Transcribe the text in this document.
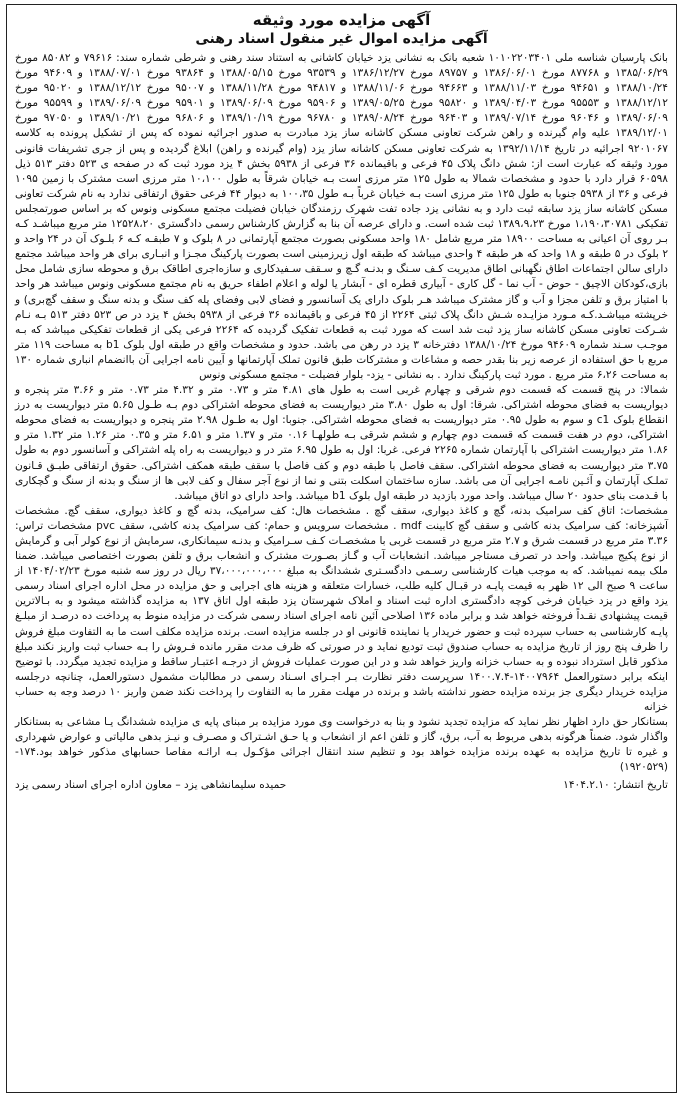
آگهی مزایده مورد وثیقه
آگهی مزایده اموال غیر منقول اسناد رهنی
بانک پارسیان شناسه ملی ۱۰۱۰۲۲۰۳۴۰۱ شعبه بانک به نشانی یزد خیابان کاشانی به استناد سند رهنی و شرطی شماره سند: ۷۹۶۱۶ و ۸۵۰۸۲ مورخ ۱۳۸۵/۰۶/۲۹ و ۸۷۷۶۸ مورخ ۱۳۸۶/۰۶/۰۱ و ۸۹۷۵۷ مورخ ۱۳۸۶/۱۲/۲۷ و ۹۳۵۳۹ مورخ ۱۳۸۸/۰۵/۱۵ و ۹۳۸۶۴ مورخ ۱۳۸۸/۰۷/۰۱ و ۹۴۶۰۹ مورخ ۱۳۸۸/۱۰/۲۴ و ۹۴۶۵۱ مورخ ۱۳۸۸/۱۱/۰۳ و ۹۴۶۶۳ مورخ ۱۳۸۸/۱۱/۰۶ و ۹۴۸۱۷ مورخ ۱۳۸۸/۱۱/۲۸ و ۹۵۰۰۷ مورخ ۱۳۸۸/۱۲/۱۲ و ۹۵۰۲۰ مورخ ۱۳۸۸/۱۲/۱۲ و ۹۵۵۵۳ مورخ ۱۳۸۹/۰۴/۰۳ و ۹۵۸۲۰ مورخ ۱۳۸۹/۰۵/۲۵ و ۹۵۹۰۶ مورخ ۱۳۸۹/۰۶/۰۹ و ۹۵۹۰۱ مورخ ۱۳۸۹/۰۶/۰۹ و ۹۵۵۹۹ مورخ ۱۳۸۹/۰۶/۰۹ و ۹۶۰۴۶ مورخ ۱۳۸۹/۰۷/۱۴ و ۹۶۴۰۳ مورخ ۱۳۸۹/۰۸/۲۴ و ۹۶۷۸۰ مورخ ۱۳۸۹/۱۰/۱۹ و ۹۶۸۰۶ مورخ ۱۳۸۹/۱۰/۲۱ و ۹۷۰۵۰ مورخ ۱۳۸۹/۱۲/۰۱ علیه وام گیرنده و راهن شرکت تعاونی مسکن کاشانه ساز یزد مبادرت به صدور اجرائیه نموده که پس از تشکیل پرونده به کلاسه ۹۲۰۱۰۶۷ اجرائیه در تاریخ ۱۳۹۲/۱۱/۱۴ به شرکت تعاونی مسکن کاشانه ساز یزد (وام گیرنده و راهن) ابلاغ گردیده و پس از جری تشریفات قانونی مورد وثیقه که عبارت است از: شش دانگ پلاک ۴۵ فرعی و باقیمانده ۳۶ فرعی از ۵۹۳۸ بخش ۴ یزد مورد ثبت که در صفحه ی ۵۲۳ دفتر ۵۱۳ ذیل ۶۰۵۹۸ قرار دارد با حدود و مشخصات شمالا به طول ۱۲۵ متر مرزی است بـه خیابان شرقاً به طول ۱۰،۱۰۰ متر مرزی است مشترک با زمین ۱۰۹۵ فرعی و ۳۶ از ۵۹۳۸ جنوبا به طول ۱۲۵ متر مرزی است بـه خیابان غرباً بـه طول ۱۰۰،۳۵ به دیوار ۴۴ فرعی حقوق ارتفاقی ندارد به نام شرکت تعاونی مسکن کاشانه ساز یزد سابقه ثبت دارد و به نشانی یزد جاده تفت شهرک رزمندگان خیابان فضیلت مجتمع مسکونی ونوس که بر اساس صورتمجلس تفکیکی ۱،۱۹۰،۳۰۷۸۱ مورخ ۱۳۸۹،۹،۲۳ ثبت شده است. و دارای عرصه آن بنا به گزارش کارشناس رسمی دادگستری ۱۲۵۲۸،۲۰ متر مربع میباشـد کـه بـر روی آن اعیانی به مساحت ۱۸۹۰۰ متر مربع شامل ۱۸۰ واحد مسکونی بصورت مجتمع آپارتمانی در ۸ بلوک و ۷ طبقـه کـه ۶ بلـوک آن در ۲۴ واحد و ۲ بلوک در ۵ طبقه و ۱۸ واحد که هر طبقه ۴ واحدی میباشد که طبقه اول زیرزمینی است بصورت پارکینگ مجـزا و انبـاری برای هر واحد میباشد مجتمع دارای سالن اجتماعات اطاق نگهبانی اطاق مدیریت کـف سـنگ و بدنـه گـچ و سـقف سـفیدکاری و سازه‌اجری اطاقک برق و محوطه سازی شامل محل بازی،کودکان الاچیق - حوض - آب نما - گل کاری - آبیاری قطره ای - آبشار یا لوله و اعلام اطفاء حریق به نام مجتمع مسکونی ونوس میباشد هر واحد با امتیاز برق و تلفن مجزا و آب و گاز مشترک میباشد هـر بلوک دارای یک آسانسور و فضای لابی وفضای پله کف سنگ و بدنه سنگ و سقف گچ‌بری) و خرپشته میباشـد.کـه مـورد مزایـده شـش دانگ پلاک ثبتی ۲۲۶۴ از ۴۵ فرعی و باقیمانده ۳۶ فرعی از ۵۹۳۸ بخش ۴ یزد در ص ۵۲۳ دفتر ۵۱۳ بـه نـام شـرکت تعاونی مسکن کاشانه ساز یزد ثبت شد است که مورد ثبت به قطعات تفکیک گردیده که ۲۲۶۴ فرعی یکی از قطعات تفکیکی میباشد که بـه موجـب سـند شماره ۹۴۶۰۹ مورخ ۱۳۸۸/۱۰/۲۴ دفترخانه ۳ یزد در رهن می باشد. حدود و مشخصات واقع در طبقه اول بلوک b1 به مساحت ۱۱۹ متر مربع با حق استفاده از عرصه زیر بنا بقدر حصه و مشاعات و مشترکات طبق قانون تملک آپارتمانها و آیین نامه اجرایی آن باانضمام انباری شماره ۱۳۰ به مساحت ۶،۲۶ متر مربع . مورد ثبت پارکینگ ندارد . به نشانی - یزد- بلوار فضیلت - مجتمع مسکونی ونوس
شمالا: در پنج قسمت که قسمت دوم شرقی و چهارم غربی است به طول های ۴.۸۱ متر و ۰.۷۳ متر و ۴.۳۲ متر ۰.۷۳ متر و ۳.۶۶ متر پنجره و دیواریست به فضای محوطه اشتراکی. شرقا: اول به طول ۳.۸۰ متر دیواریست به فضای محوطه اشتراکی دوم بـه طـول ۵.۶۵ متر دیواریست به درز انقطاع بلوک c1 و سوم به طول ۰.۹۵ متر دیواریست به فضای محوطه اشتراکی. جنوبا: اول به طـول ۲.۹۸ متر پنجره و دیواریست به فضای محوطه اشتراکی، دوم در هفت قسمت که قسمت دوم چهارم و ششم شرقی بـه طولهـا ۰.۱۶ متر و ۱.۳۷ متر و ۶.۵۱ متر و ۰.۳۵ متر ۱.۲۶ متر ۱.۳۲ متر و ۱.۸۶ متر دیواریست اشتراکی با آپارتمان شماره ۲۲۶۵ فرعی. غربا: اول به طول ۶.۹۵ متر در و دیواریست به راه پله اشتراکی و آسانسور دوم به طول ۳.۷۵ متر دیواریست به فضای محوطه اشتراکی. سقف فاصل با طبقه دوم و کف فاصل با سقف طبقه همکف اشتراکی. حقوق ارتفاقی طبـق قـانون تملـک آپارتمان و آئـین نامـه اجرایی آن می باشد. سازه ساختمان اسکلت بتنی و نما از نوع آجر سفال و کف لابی ها از سنگ و بدنه از سنگ و گچکاری با قـدمت بنای حدود ۲۰ سال میباشد. واحد مورد بازدید در طبقه اول بلوک b1 میباشد. واحد دارای دو اتاق میباشد.
مشخصات: اتاق کف سرامیک بدنه، گچ و کاغذ دیواری، سقف گچ . مشخصات هال: کف سرامیک، بدنه گچ و کاغذ دیواری، سقف گچ. مشخصات آشپزخانه: کف سرامیک بدنه کاشی و سقف گچ کابینت mdf . مشخصات سرویس و حمام: کف سرامیک بدنه کاشی، سقف pvc مشخصات تراس: ۳.۳۶ متر مربع در قسمت شرق و ۲.۷ متر مربع در قسمت غربی با مشخصـات کـف سـرامیک و بدنـه سیمانکاری، سرمایش از نوع کولر آبی و گرمایش از نوع پکیج میباشد. واحد در تصرف مستاجر میباشد. انشعابات آب و گـاز بصـورت مشترک و انشعاب برق و تلفن بصورت اختصاصی میباشد. ضمنا ملک بیمه نمیباشد. که به موجب هیات کارشناسی رسـمی دادگسـتری ششدانگ به مبلغ ۳۷،۰۰۰،۰۰۰،۰۰۰ ریال در روز سه شنبه مورخ ۱۴۰۴/۰۲/۲۳ از ساعت ۹ صبح الی ۱۲ ظهر به قیمت پایـه در قبـال کلیه طلب، خسارات متعلقه و هزینه های اجرایی و حق مزایده در محل اداره اجرای اسناد رسمی یزد واقع در یزد خیابان فرخی کوچه دادگستری اداره ثبت اسناد و املاک شهرستان یزد طبقه اول اتاق ۱۳۷ به مزایده گذاشته میشود و به بـالاترین قیمت پیشنهادی نقـداً فروخته خواهد شد و برابر ماده ۱۳۶ اصلاحی آئین نامه اجرای اسناد رسمی شرکت در مزایده منوط به پرداخت ده درصـد از مبلـغ پایـه کارشناسی به حساب سپرده ثبت و حضور خریدار یا نماینده قانونی او در جلسه مزایده است. برنده مزایده مکلف است ما به التفاوت مبلغ فروش را ظرف پنج روز از تاریخ مزایده به حساب صندوق ثبت تودیع نماید و در صورتی که ظرف مدت مقرر مانده فـروش را بـه حساب ثبت واریز نکند مبلغ مذکور قابل استرداد نبوده و به حساب خزانه واریز خواهد شد و در این صورت عملیات فروش از درجـه اعتبـار ساقط و مزایده تجدید میگردد. با توضیح اینکه برابر دستورالعمل ۱۴۰۰۷۹۶۴-۱۴۰۰.۷.۴ سرپرست دفتر نظارت بـر اجـرای اسـناد رسمی در مطالبات مشمول دستورالعمل، چنانچه درجلسه مزایده خریدار دیگری جز برنده مزایده حضور نداشته باشد و برنده در مهلت مقرر ما به التفاوت را پرداخت نکند ضمن واریز ۱۰ درصد وجه به حساب خزانه
بستانکار حق دارد اظهار نظر نماید که مزایده تجدید نشود و بنا به درخواست وی مورد مزایده بر مبنای پایه ی مزایده ششدانگ یـا مشاعی به بستانکار واگذار شود. ضمناً هرگونه بدهی مربوط به آب، برق، گاز و تلفن اعم از انشعاب و یا حـق اشـتراک و مصـرف و نیـز بدهی مالیاتی و عوارض شهرداری و غیره تا تاریخ مزایده به عهده برنده مزایده خواهد بود و تنظیم سند انتقال اجرائی مؤکـول بـه ارائـه مفاصا حسابهای مذکور خواهد بود.۱۷۴-(۱۹۲۰۵۲۹)
تاریخ انتشار: ۱۴۰۴.۲.۱۰
حمیده سلیمانشاهی یزد – معاون اداره اجرای اسناد رسمی یزد
